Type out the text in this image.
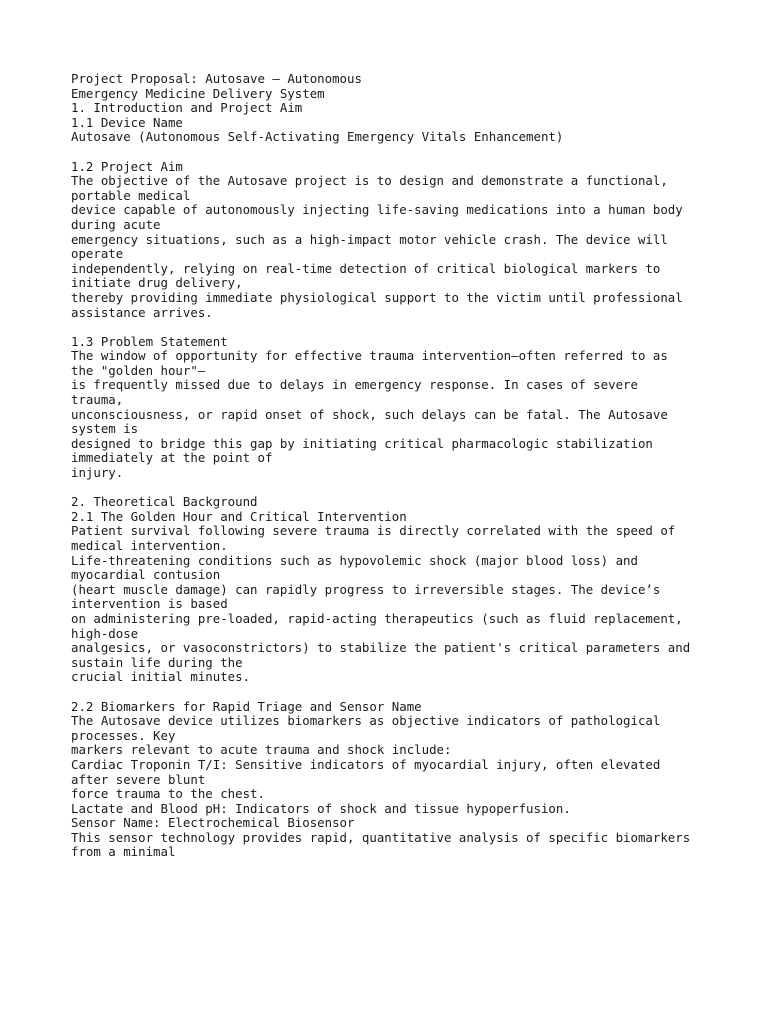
Project Proposal: Autosave – Autonomous
Emergency Medicine Delivery System
1. Introduction and Project Aim
1.1 Device Name
Autosave (Autonomous Self-Activating Emergency Vitals Enhancement)
1.2 Project Aim
The objective of the Autosave project is to design and demonstrate a functional,
portable medical
device capable of autonomously injecting life-saving medications into a human body
during acute
emergency situations, such as a high-impact motor vehicle crash. The device will
operate
independently, relying on real-time detection of critical biological markers to
initiate drug delivery,
thereby providing immediate physiological support to the victim until professional
assistance arrives.
1.3 Problem Statement
The window of opportunity for effective trauma intervention—often referred to as
the "golden hour"—
is frequently missed due to delays in emergency response. In cases of severe
trauma,
unconsciousness, or rapid onset of shock, such delays can be fatal. The Autosave
system is
designed to bridge this gap by initiating critical pharmacologic stabilization
immediately at the point of
injury.
2. Theoretical Background
2.1 The Golden Hour and Critical Intervention
Patient survival following severe trauma is directly correlated with the speed of
medical intervention.
Life-threatening conditions such as hypovolemic shock (major blood loss) and
myocardial contusion
(heart muscle damage) can rapidly progress to irreversible stages. The device’s
intervention is based
on administering pre-loaded, rapid-acting therapeutics (such as fluid replacement,
high-dose
analgesics, or vasoconstrictors) to stabilize the patient's critical parameters and
sustain life during the
crucial initial minutes.
2.2 Biomarkers for Rapid Triage and Sensor Name
The Autosave device utilizes biomarkers as objective indicators of pathological
processes. Key
markers relevant to acute trauma and shock include:
Cardiac Troponin T/I: Sensitive indicators of myocardial injury, often elevated
after severe blunt
force trauma to the chest.
Lactate and Blood pH: Indicators of shock and tissue hypoperfusion.
Sensor Name: Electrochemical Biosensor
This sensor technology provides rapid, quantitative analysis of specific biomarkers
from a minimal
